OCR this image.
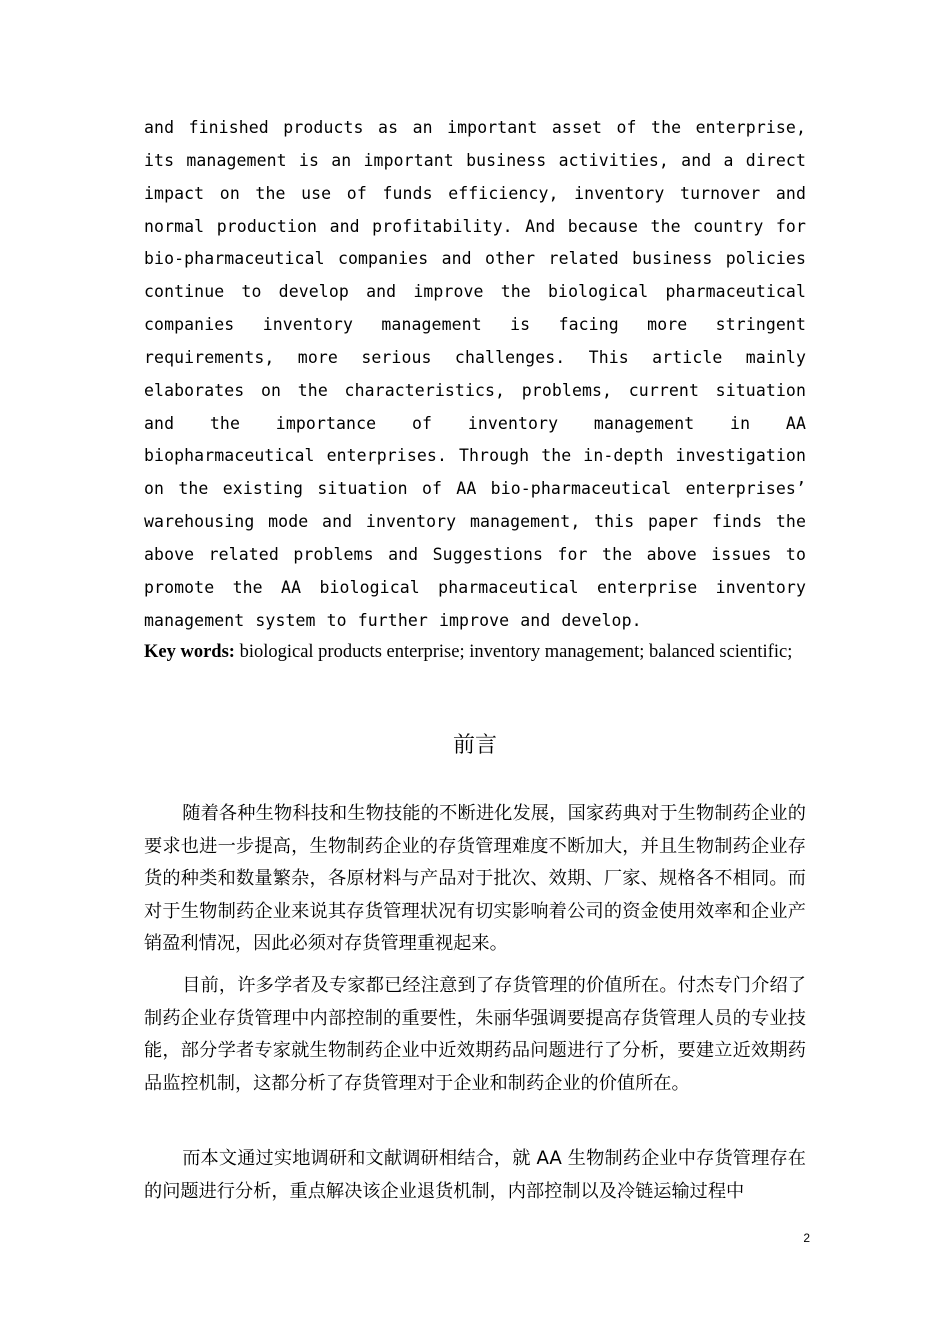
and finished products as an important asset of the enterprise, its management is an important business activities, and a direct impact on the use of funds efficiency, inventory turnover and normal production and profitability. And because the country for bio-pharmaceutical companies and other related business policies continue to develop and improve the biological pharmaceutical companies inventory management is facing more stringent requirements, more serious challenges. This article mainly elaborates on the characteristics, problems, current situation and the importance of inventory management in AA biopharmaceutical enterprises. Through the in-depth investigation on the existing situation of AA bio-pharmaceutical enterprises’ warehousing mode and inventory management, this paper finds the above related problems and Suggestions for the above issues to promote the AA biological pharmaceutical enterprise inventory management system to further improve and develop.
Key words: biological products enterprise; inventory management; balanced scientific;
前言

随着各种生物科技和生物技能的不断进化发展，国家药典对于生物制药企业的要求也进一步提高，生物制药企业的存货管理难度不断加大，并且生物制药企业存货的种类和数量繁杂，各原材料与产品对于批次、效期、厂家、规格各不相同。而对于生物制药企业来说其存货管理状况有切实影响着公司的资金使用效率和企业产销盈利情况，因此必须对存货管理重视起来。

目前，许多学者及专家都已经注意到了存货管理的价值所在。付杰专门介绍了制药企业存货管理中内部控制的重要性，朱丽华强调要提高存货管理人员的专业技能，部分学者专家就生物制药企业中近效期药品问题进行了分析，要建立近效期药品监控机制，这都分析了存货管理对于企业和制药企业的价值所在。

而本文通过实地调研和文献调研相结合，就 AA 生物制药企业中存货管理存在的问题进行分析，重点解决该企业退货机制，内部控制以及冷链运输过程中

2
